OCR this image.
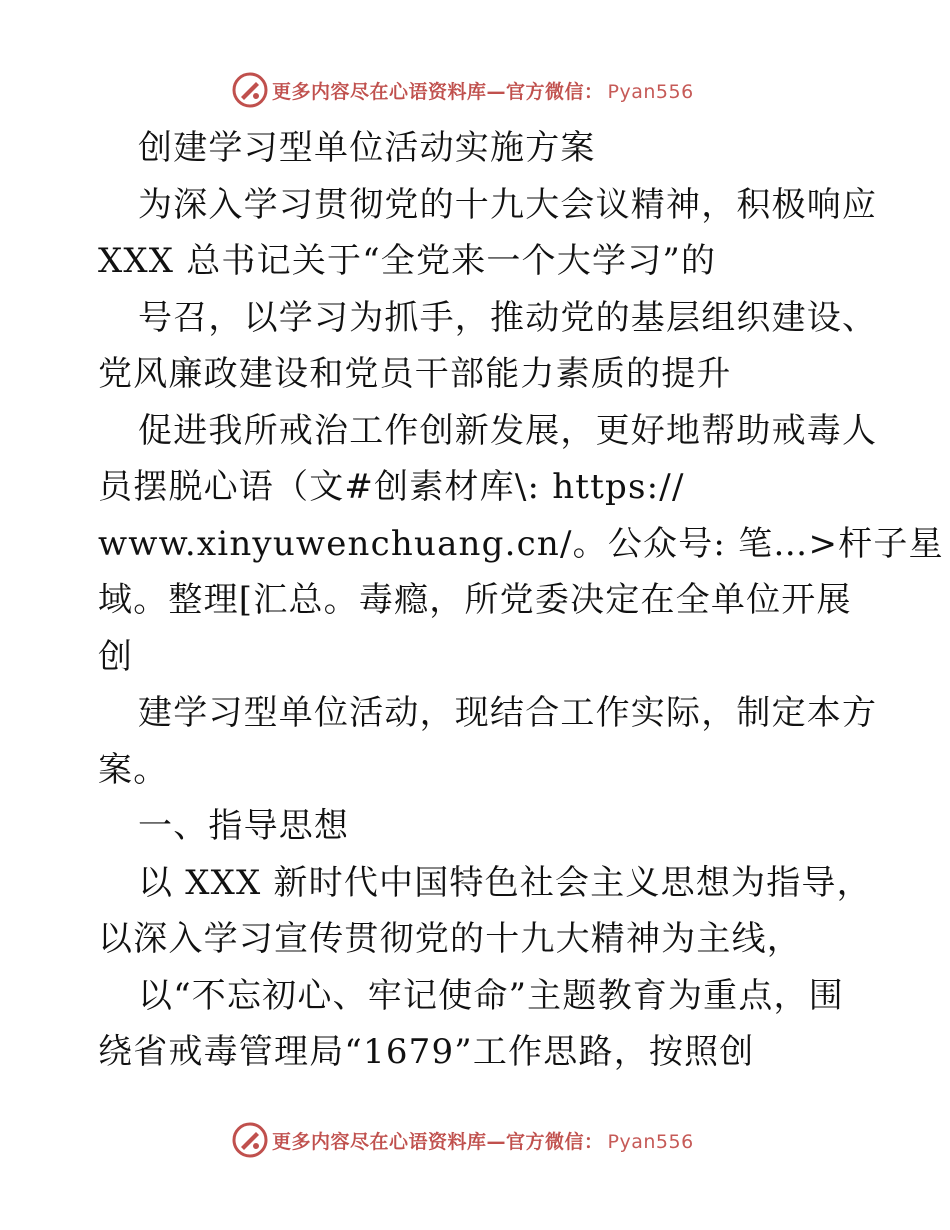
更多内容尽在心语资料库—官方微信： Pyan556
创建学习型单位活动实施方案
为深入学习贯彻党的十九大会议精神，积极响应
XXX 总书记关于“全党来一个大学习”的
号召，以学习为抓手，推动党的基层组织建设、
党风廉政建设和党员干部能力素质的提升
促进我所戒治工作创新发展，更好地帮助戒毒人
员摆脱心语（文#创素材库\: https://
www.xinyuwenchuang.cn/。公众号: 笔…>杆子星
域。整理[汇总。毒瘾，所党委决定在全单位开展
创
建学习型单位活动，现结合工作实际，制定本方
案。
一、指导思想
以 XXX 新时代中国特色社会主义思想为指导，
以深入学习宣传贯彻党的十九大精神为主线，
以“不忘初心、牢记使命”主题教育为重点，围
绕省戒毒管理局“1679”工作思路，按照创
更多内容尽在心语资料库—官方微信： Pyan556
